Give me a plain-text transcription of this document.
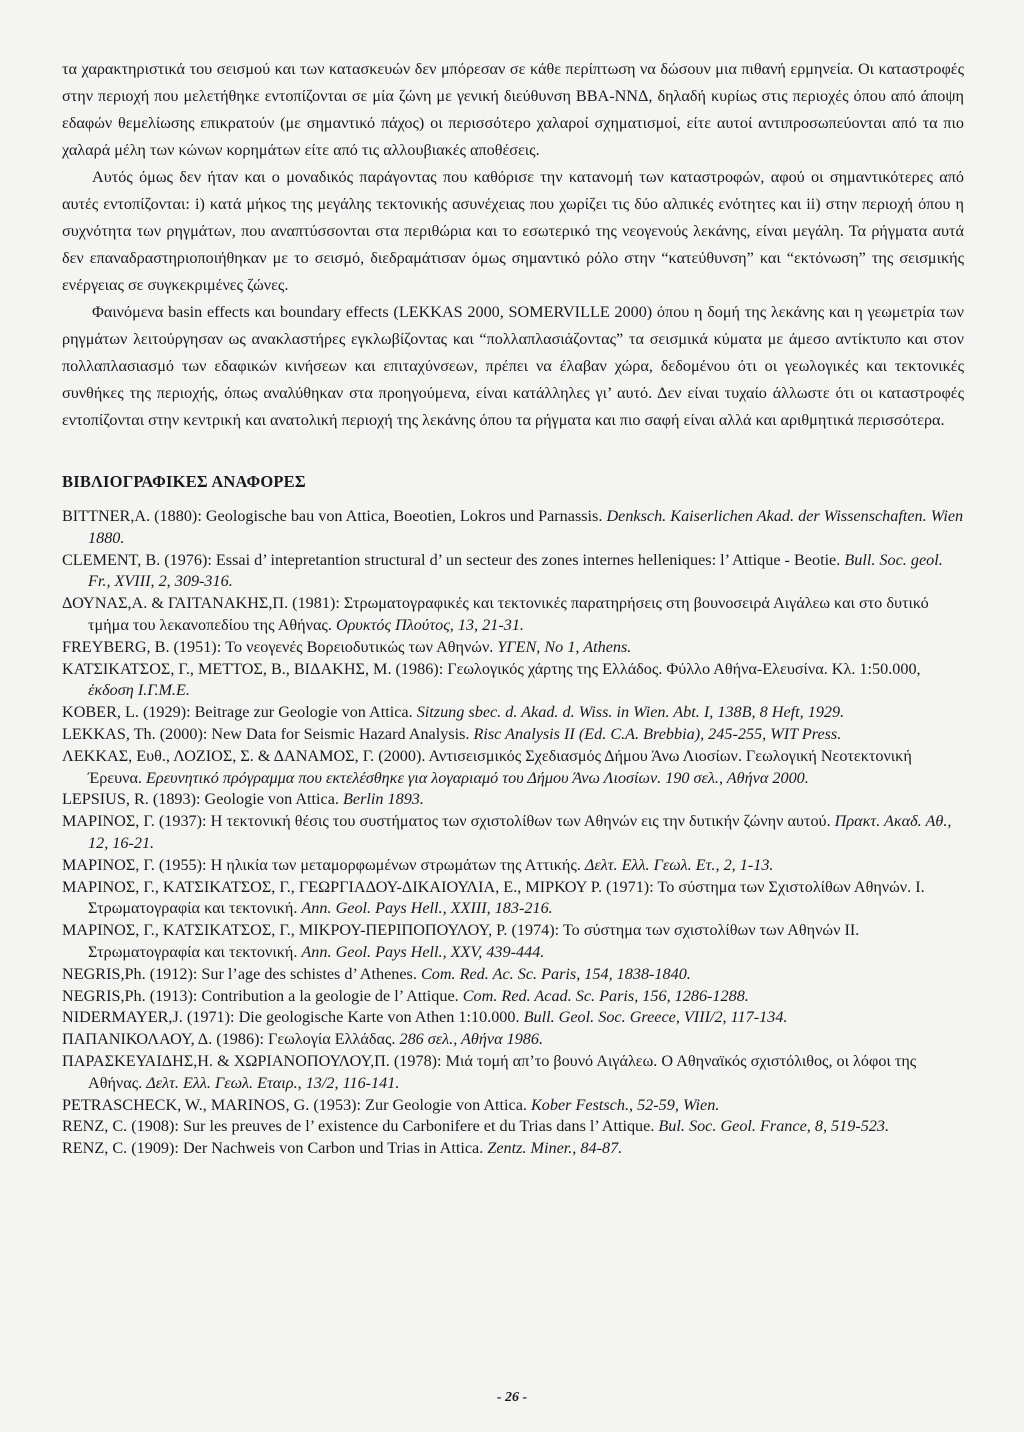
τα χαρακτηριστικά του σεισμού και των κατασκευών δεν μπόρεσαν σε κάθε περίπτωση να δώσουν μια πιθανή ερμηνεία. Οι καταστροφές στην περιοχή που μελετήθηκε εντοπίζονται σε μία ζώνη με γενική διεύθυνση ΒΒΑ-ΝΝΔ, δηλαδή κυρίως στις περιοχές όπου από άποψη εδαφών θεμελίωσης επικρατούν (με σημαντικό πάχος) οι περισσότερο χαλαροί σχηματισμοί, είτε αυτοί αντιπροσωπεύονται από τα πιο χαλαρά μέλη των κώνων κορημάτων είτε από τις αλλουβιακές αποθέσεις.

Αυτός όμως δεν ήταν και ο μοναδικός παράγοντας που καθόρισε την κατανομή των καταστροφών, αφού οι σημαντικότερες από αυτές εντοπίζονται: i) κατά μήκος της μεγάλης τεκτονικής ασυνέχειας που χωρίζει τις δύο αλπικές ενότητες και ii) στην περιοχή όπου η συχνότητα των ρηγμάτων, που αναπτύσσονται στα περιθώρια και το εσωτερικό της νεογενούς λεκάνης, είναι μεγάλη. Τα ρήγματα αυτά δεν επαναδραστηριοποιήθηκαν με το σεισμό, διεδραμάτισαν όμως σημαντικό ρόλο στην “κατεύθυνση” και “εκτόνωση” της σεισμικής ενέργειας σε συγκεκριμένες ζώνες.

Φαινόμενα basin effects και boundary effects (LEKKAS 2000, SOMERVILLE 2000) όπου η δομή της λεκάνης και η γεωμετρία των ρηγμάτων λειτούργησαν ως ανακλαστήρες εγκλωβίζοντας και “πολλαπλασιάζοντας” τα σεισμικά κύματα με άμεσο αντίκτυπο και στον πολλαπλασιασμό των εδαφικών κινήσεων και επιταχύνσεων, πρέπει να έλαβαν χώρα, δεδομένου ότι οι γεωλογικές και τεκτονικές συνθήκες της περιοχής, όπως αναλύθηκαν στα προηγούμενα, είναι κατάλληλες γι’ αυτό. Δεν είναι τυχαίο άλλωστε ότι οι καταστροφές εντοπίζονται στην κεντρική και ανατολική περιοχή της λεκάνης όπου τα ρήγματα και πιο σαφή είναι αλλά και αριθμητικά περισσότερα.

ΒΙΒΛΙΟΓΡΑΦΙΚΕΣ ΑΝΑΦΟΡΕΣ

BITTNER,A. (1880): Geologische bau von Attica, Boeotien, Lokros und Parnassis. Denksch. Kaiserlichen Akad. der Wissenschaften. Wien 1880.

CLEMENT, B. (1976): Essai d’ intepretantion structural d’ un secteur des zones internes helleniques: l’ Attique - Beotie. Bull. Soc. geol. Fr., XVIII, 2, 309-316.

ΔΟΥΝΑΣ,Α. & ΓΑΙΤΑΝΑΚΗΣ,Π. (1981): Στρωματογραφικές και τεκτονικές παρατηρήσεις στη βουνοσειρά Αιγάλεω και στο δυτικό τμήμα του λεκανοπεδίου της Αθήνας. Ορυκτός Πλούτος, 13, 21-31.

FREYBERG, B. (1951): Το νεογενές Βορειοδυτικώς των Αθηνών. ΥΓΕΝ, No 1, Athens.

ΚΑΤΣΙΚΑΤΣΟΣ, Γ., ΜΕΤΤΟΣ, Β., ΒΙΔΑΚΗΣ, Μ. (1986): Γεωλογικός χάρτης της Ελλάδος. Φύλλο Αθήνα-Ελευσίνα. Κλ. 1:50.000, έκδοση Ι.Γ.Μ.Ε.

KOBER, L. (1929): Beitrage zur Geologie von Attica. Sitzung sbec. d. Akad. d. Wiss. in Wien. Abt. I, 138B, 8 Heft, 1929.

LEKKAS, Th. (2000): New Data for Seismic Hazard Analysis. Risc Analysis II (Ed. C.A. Brebbia), 245-255, WIT Press.

ΛΕΚΚΑΣ, Ευθ., ΛΟΖΙΟΣ, Σ. & ΔΑΝΑΜΟΣ, Γ. (2000). Αντισεισμικός Σχεδιασμός Δήμου Άνω Λιοσίων. Γεωλογική Νεοτεκτονική Έρευνα. Ερευνητικό πρόγραμμα που εκτελέσθηκε για λογαριαμό του Δήμου Άνω Λιοσίων. 190 σελ., Αθήνα 2000.

LEPSIUS, R. (1893): Geologie von Attica. Berlin 1893.

ΜΑΡΙΝΟΣ, Γ. (1937): Η τεκτονική θέσις του συστήματος των σχιστολίθων των Αθηνών εις την δυτικήν ζώνην αυτού. Πρακτ. Ακαδ. Αθ., 12, 16-21.

ΜΑΡΙΝΟΣ, Γ. (1955): Η ηλικία των μεταμορφωμένων στρωμάτων της Αττικής. Δελτ. Ελλ. Γεωλ. Ετ., 2, 1-13.

ΜΑΡΙΝΟΣ, Γ., ΚΑΤΣΙΚΑΤΣΟΣ, Γ., ΓΕΩΡΓΙΑΔΟΥ-ΔΙΚΑΙΟΥΛΙΑ, Ε., ΜΙΡΚΟΥ Ρ. (1971): Το σύστημα των Σχιστολίθων Αθηνών. Ι. Στρωματογραφία και τεκτονική. Ann. Geol. Pays Hell., XXIII, 183-216.

ΜΑΡΙΝΟΣ, Γ., ΚΑΤΣΙΚΑΤΣΟΣ, Γ., ΜΙΚΡΟΥ-ΠΕΡΙΠΟΠΟΥΛΟΥ, Ρ. (1974): Το σύστημα των σχιστολίθων των Αθηνών ΙΙ. Στρωματογραφία και τεκτονική. Ann. Geol. Pays Hell., XXV, 439-444.

NEGRIS,Ph. (1912): Sur l’age des schistes d’ Athenes. Com. Red. Ac. Sc. Paris, 154, 1838-1840.

NEGRIS,Ph. (1913): Contribution a la geologie de l’ Attique. Com. Red. Acad. Sc. Paris, 156, 1286-1288.

NIDERMAYER,J. (1971): Die geologische Karte von Athen 1:10.000. Bull. Geol. Soc. Greece, VIII/2, 117-134.

ΠΑΠΑΝΙΚΟΛΑΟΥ, Δ. (1986): Γεωλογία Ελλάδας. 286 σελ., Αθήνα 1986.

ΠΑΡΑΣΚΕΥΑΙΔΗΣ,Η. & ΧΩΡΙΑΝΟΠΟΥΛΟΥ,Π. (1978): Μιά τομή απ’το βουνό Αιγάλεω. Ο Αθηναϊκός σχιστόλιθος, οι λόφοι της Αθήνας. Δελτ. Ελλ. Γεωλ. Εταιρ., 13/2, 116-141.

PETRASCHECK, W., MARINOS, G. (1953): Zur Geologie von Attica. Kober Festsch., 52-59, Wien.

RENZ, C. (1908): Sur les preuves de l’ existence du Carbonifere et du Trias dans l’ Attique. Bul. Soc. Geol. France, 8, 519-523.

RENZ, C. (1909): Der Nachweis von Carbon und Trias in Attica. Zentz. Miner., 84-87.

- 26 -
